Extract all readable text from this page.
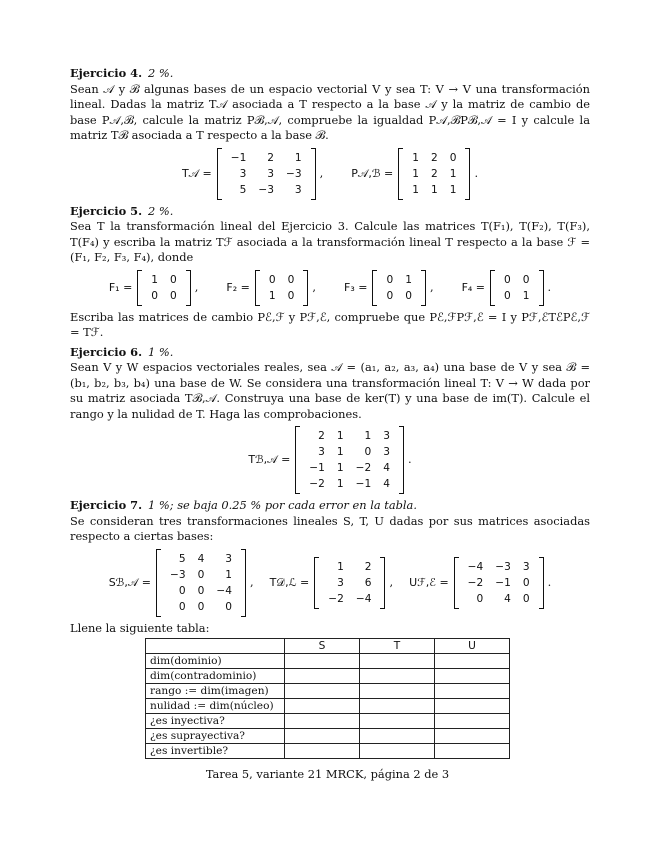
Ejercicio 4. 2 %.

Sean 𝒜 y ℬ algunas bases de un espacio vectorial V y sea T: V → V una transformación lineal. Dadas la matriz T𝒜 asociada a T respecto a la base 𝒜 y la matriz de cambio de base P𝒜,ℬ, calcule la matriz Pℬ,𝒜, compruebe la igualdad P𝒜,ℬPℬ,𝒜 = I y calcule la matriz Tℬ asociada a T respecto a la base ℬ.

T𝒜 =
−1	2	1
3	3	−3
5	−3	3
,	P𝒜,ℬ =
1	2	0
1	2	1
1	1	1
.

Ejercicio 5. 2 %.

Sea T la transformación lineal del Ejercicio 3. Calcule las matrices T(F₁), T(F₂), T(F₃), T(F₄) y escriba la matriz Tℱ asociada a la transformación lineal T respecto a la base ℱ = (F₁, F₂, F₃, F₄), donde

F₁ =
1	0
0	0
,	F₂ =
0	0
1	0
,	F₃ =
0	1
0	0
,	F₄ =
0	0
0	1
.

Escriba las matrices de cambio Pℰ,ℱ y Pℱ,ℰ, compruebe que Pℰ,ℱPℱ,ℰ = I y Pℱ,ℰTℰPℰ,ℱ = Tℱ.

Ejercicio 6. 1 %.

Sean V y W espacios vectoriales reales, sea 𝒜 = (a₁, a₂, a₃, a₄) una base de V y sea ℬ = (b₁, b₂, b₃, b₄) una base de W. Se considera una transformación lineal T: V → W dada por su matriz asociada Tℬ,𝒜. Construya una base de ker(T) y una base de im(T). Calcule el rango y la nulidad de T. Haga las comprobaciones.

Tℬ,𝒜 =
2	1	1	3
3	1	0	3
−1	1	−2	4
−2	1	−1	4
.

Ejercicio 7. 1 %; se baja 0.25 % por cada error en la tabla.

Se consideran tres transformaciones lineales S, T, U dadas por sus matrices asociadas respecto a ciertas bases:

Sℬ,𝒜 =
5	4	3
−3	0	1
0	0	−4
0	0	0
, T𝒟,ℒ =
1	2
3	6
−2	−4
, Uℱ,ℰ =
−4	−3	3
−2	−1	0
0	4	0
.

Llene la siguiente tabla:

	S	T	U
dim(dominio)			
dim(contradominio)			
rango := dim(imagen)			
nulidad := dim(núcleo)			
¿es inyectiva?			
¿es suprayectiva?			
¿es invertible?			
Tarea 5, variante 21 MRCK, página 2 de 3
